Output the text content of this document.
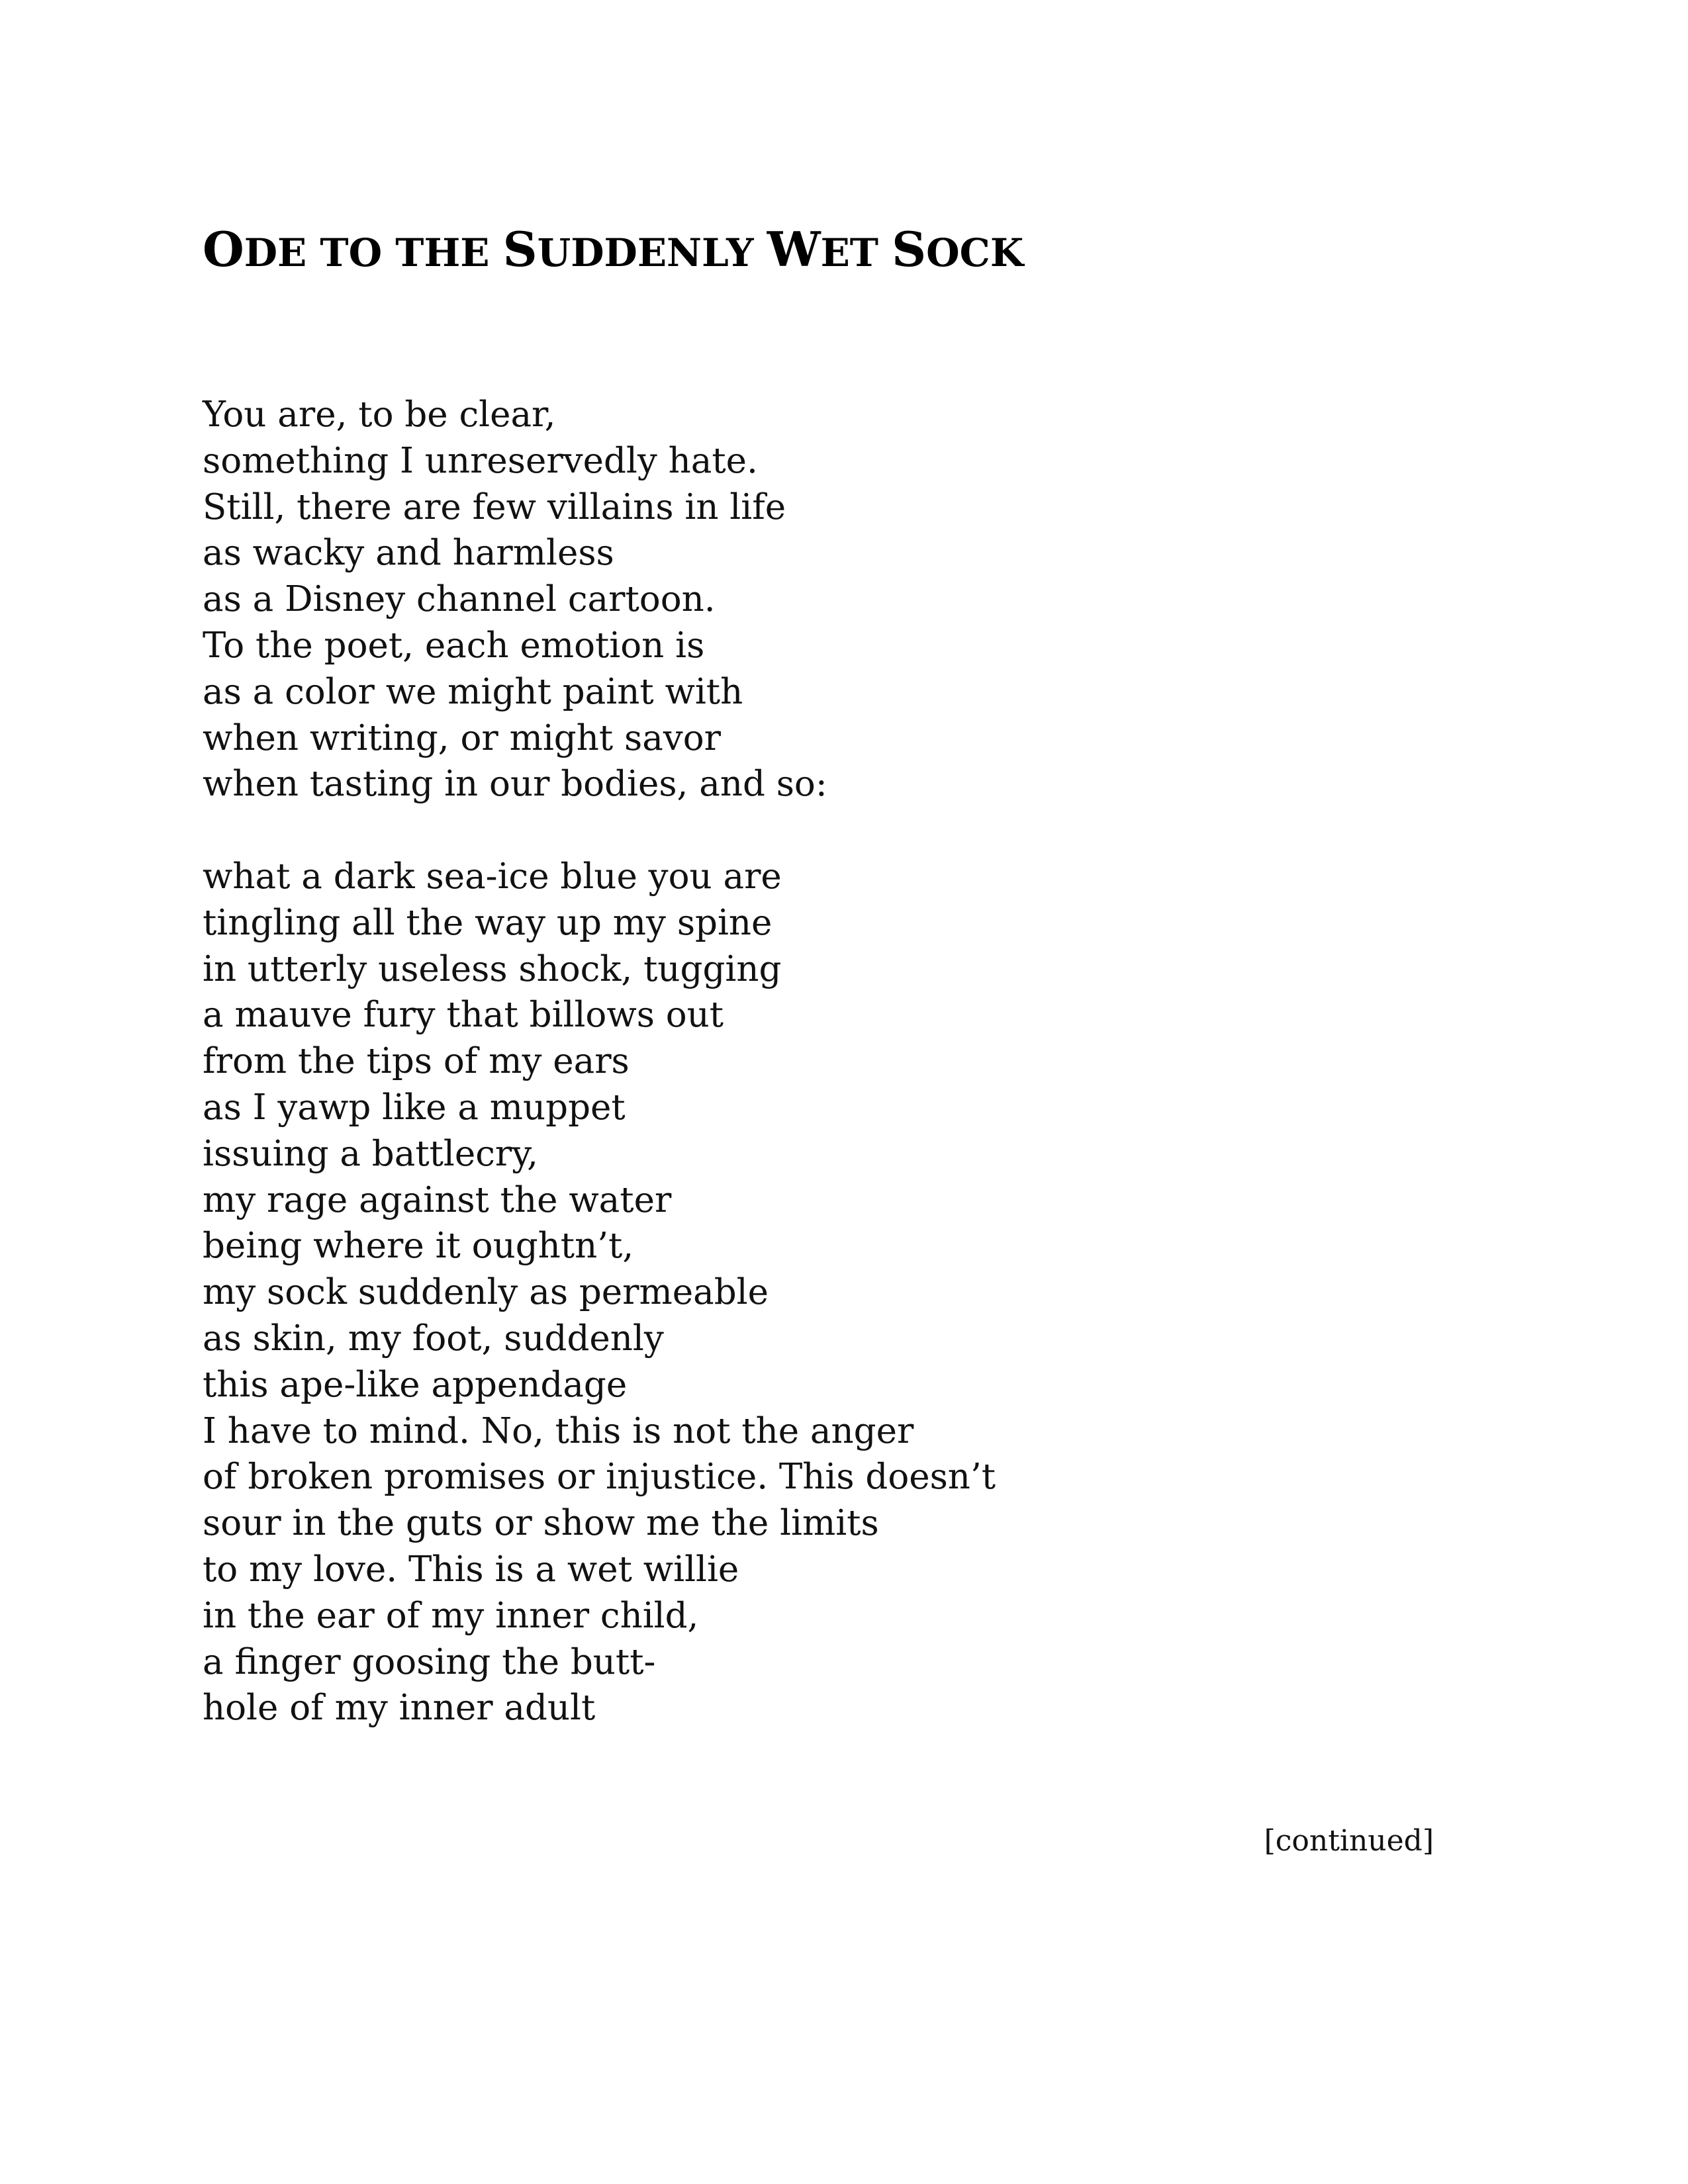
ODE TO THE SUDDENLY WET SOCK
You are, to be clear,
something I unreservedly hate.
Still, there are few villains in life
as wacky and harmless
as a Disney channel cartoon.
To the poet, each emotion is
as a color we might paint with
when writing, or might savor
when tasting in our bodies, and so:
what a dark sea-ice blue you are
tingling all the way up my spine
in utterly useless shock, tugging
a mauve fury that billows out
from the tips of my ears
as I yawp like a muppet
issuing a battlecry,
my rage against the water
being where it oughtn’t,
my sock suddenly as permeable
as skin, my foot, suddenly
this ape-like appendage
I have to mind. No, this is not the anger
of broken promises or injustice. This doesn’t
sour in the guts or show me the limits
to my love. This is a wet willie
in the ear of my inner child,
a finger goosing the butt-
hole of my inner adult
[continued]
